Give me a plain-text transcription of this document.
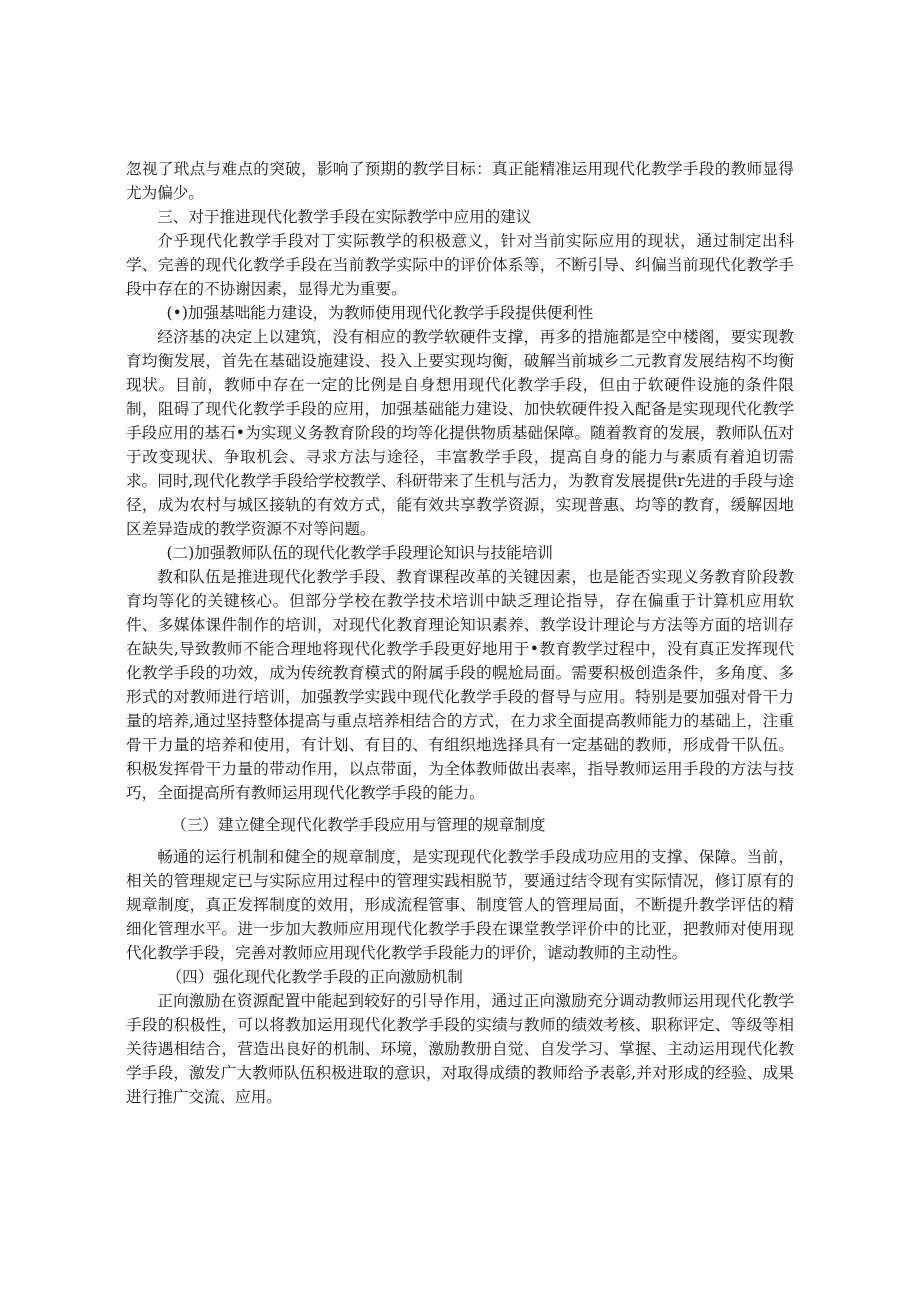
忽视了玳点与难点的突破，影响了预期的教学目标：真正能精准运用现代化教学手段的教师显得尤为偏少。

三、对于推进现代化教学手段在实际教学中应用的建议

介乎现代化教学手段对丁实际教学的积极意义，针对当前实际应用的现状，通过制定出科学、完善的现代化教学手段在当前教学实际中的评价体系等，不断引导、纠偏当前现代化教学手段中存在的不协谢因素，显得尤为重要。

(•)加强基咄能力建设，为教师使用现代化教学手段提供便利性

经济基的决定上以建筑，没有相应的教学软硬件支撑，再多的措施都是空中楼阁，要实现教育均衡发展，首先在基础设施建设、投入上要实现均衡，破解当前城乡二元教育发展结构不均衡现状。目前，教师中存在一定的比例是自身想用现代化教学手段，但由于软硬件设施的条件限制，阻碍了现代化教学手段的应用，加强基础能力建设、加快软硬件投入配备是实现现代化教学手段应用的基石•为实现义务教育阶段的均等化提供物质基础保障。随着教育的发展，教师队伍对于改变现状、争取机会、寻求方法与途径，丰富教学手段，提高自身的能力与素质有着迫切需求。同时,现代化教学手段给学校教学、科研带来了生机与活力，为教育发展提供r先进的手段与途径，成为农村与城区接轨的有效方式，能有效共享教学资源，实现普惠、均等的教育，缓解因地区差异造成的教学资源不对等问题。

(二)加强教师队伍的现代化教学手段理论知识与技能培训

教和队伍是推进现代化教学手段、教育课程改革的关键因素，也是能否实现义务教育阶段教育均等化的关键核心。但部分学校在教学技术培训中缺乏理论指导，存在偏重于计算机应用软件、多媒体课件制作的培训，对现代化教育理论知识素养、教学设计理论与方法等方面的培训存在缺失,导致教师不能合理地将现代化教学手段更好地用于•教育教学过程中，没有真正发挥现代化教学手段的功效，成为传统教育模式的附属手段的幌尬局面。需要积极创造条件，多角度、多形式的对教师进行培训，加强教学实践中现代化教学手段的督导与应用。特别是要加强对骨干力量的培养,通过坚持整体提高与重点培养相结合的方式，在力求全面提高教师能力的基础上，注重骨干力量的培养和使用，有计划、有目的、有组织地选择具有一定基础的教师，形成骨干队伍。积极发挥骨干力量的带动作用，以点带面，为全体教师做出表率，指导教师运用手段的方法与技巧，全面提高所有教师运用现代化教学手段的能力。

（三）建立健全现代化教学手段应用与管理的规章制度

畅通的运行机制和健全的规章制度，是实现现代化教学手段成功应用的支撑、保障。当前，相关的管理规定已与实际应用过程中的管理实践相脱节，要通过结令现有实际情况，修订原有的规章制度，真正发挥制度的效用，形成流程管事、制度管人的管理局面，不断提升教学评估的精细化管理水平。进一步加大教师应用现代化教学手段在课堂教学评价中的比亚，把教师对使用现代化教学手段，完善对教师应用现代化教学手段能力的评价，谑动教师的主动性。

（四）强化现代化教学手段的正向激励机制

正向激励在资源配置中能起到较好的引导作用，通过正向激励充分调动教师运用现代化教学手段的积极性，可以将教加运用现代化教学手段的实绩与教师的绩效考核、职称评定、等级等相关待遇相结合，营造出良好的机制、环境，激励教册自觉、自发学习、掌握、主动运用现代化教学手段，激发广大教师队伍积极进取的意识，对取得成绩的教师给予表彰,并对形成的经验、成果进行推广交流、应用。
